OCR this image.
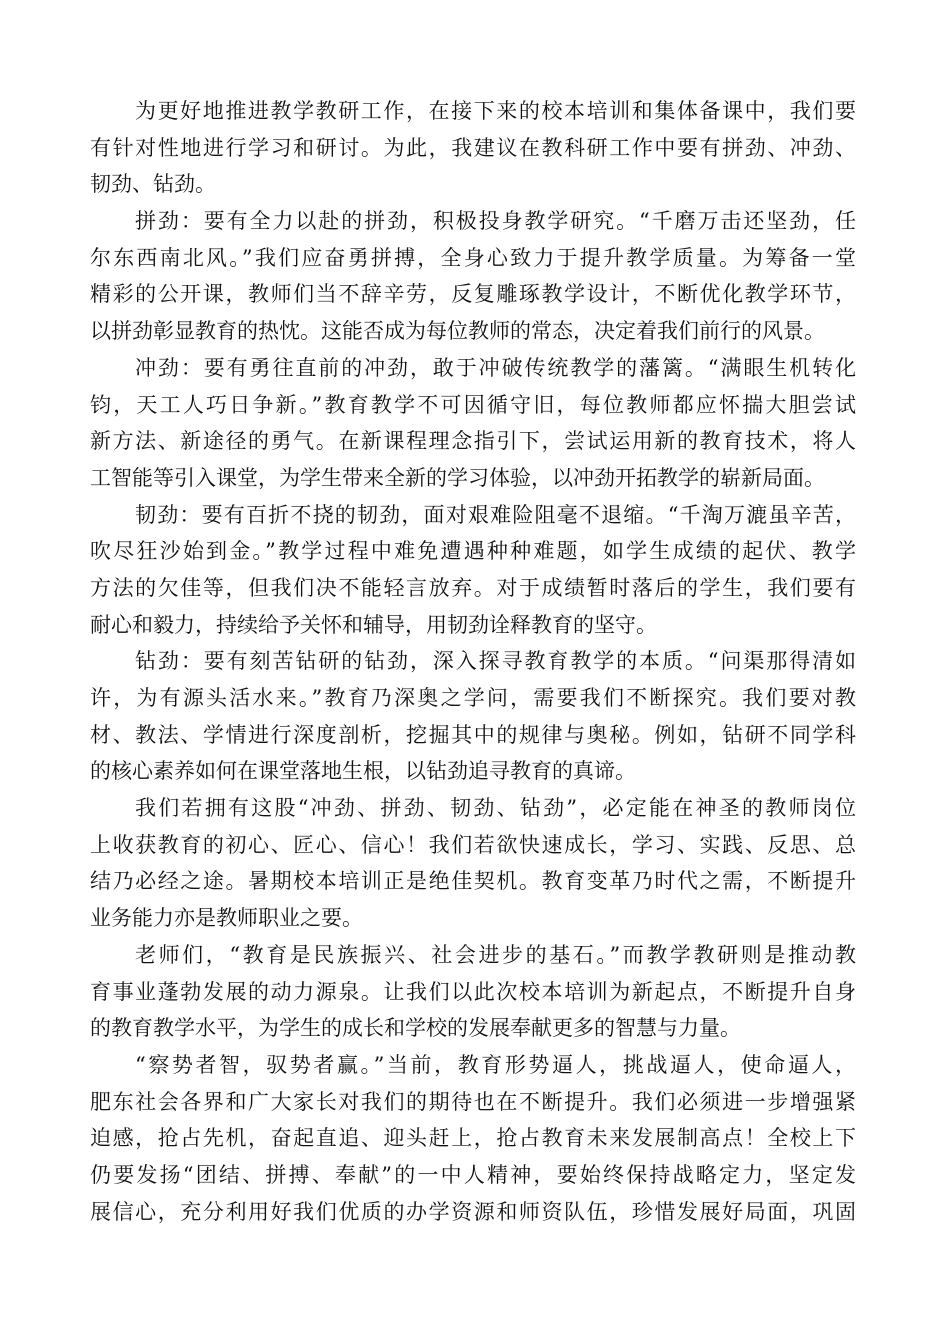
为更好地推进教学教研工作，在接下来的校本培训和集体备课中，我们要
有针对性地进行学习和研讨。为此，我建议在教科研工作中要有拼劲、冲劲、
韧劲、钻劲。
拼劲：要有全力以赴的拼劲，积极投身教学研究。“千磨万击还坚劲，任
尔东西南北风。”我们应奋勇拼搏，全身心致力于提升教学质量。为筹备一堂
精彩的公开课，教师们当不辞辛劳，反复雕琢教学设计，不断优化教学环节，
以拼劲彰显教育的热忱。这能否成为每位教师的常态，决定着我们前行的风景。
冲劲：要有勇往直前的冲劲，敢于冲破传统教学的藩篱。“满眼生机转化
钧，天工人巧日争新。”教育教学不可因循守旧，每位教师都应怀揣大胆尝试
新方法、新途径的勇气。在新课程理念指引下，尝试运用新的教育技术，将人
工智能等引入课堂，为学生带来全新的学习体验，以冲劲开拓教学的崭新局面。
韧劲：要有百折不挠的韧劲，面对艰难险阻毫不退缩。“千淘万漉虽辛苦，
吹尽狂沙始到金。”教学过程中难免遭遇种种难题，如学生成绩的起伏、教学
方法的欠佳等，但我们决不能轻言放弃。对于成绩暂时落后的学生，我们要有
耐心和毅力，持续给予关怀和辅导，用韧劲诠释教育的坚守。
钻劲：要有刻苦钻研的钻劲，深入探寻教育教学的本质。“问渠那得清如
许，为有源头活水来。”教育乃深奥之学问，需要我们不断探究。我们要对教
材、教法、学情进行深度剖析，挖掘其中的规律与奥秘。例如，钻研不同学科
的核心素养如何在课堂落地生根，以钻劲追寻教育的真谛。
我们若拥有这股“冲劲、拼劲、韧劲、钻劲”，必定能在神圣的教师岗位
上收获教育的初心、匠心、信心！我们若欲快速成长，学习、实践、反思、总
结乃必经之途。暑期校本培训正是绝佳契机。教育变革乃时代之需，不断提升
业务能力亦是教师职业之要。
老师们，“教育是民族振兴、社会进步的基石。”而教学教研则是推动教
育事业蓬勃发展的动力源泉。让我们以此次校本培训为新起点，不断提升自身
的教育教学水平，为学生的成长和学校的发展奉献更多的智慧与力量。
“察势者智，驭势者赢。”当前，教育形势逼人，挑战逼人，使命逼人，
肥东社会各界和广大家长对我们的期待也在不断提升。我们必须进一步增强紧
迫感，抢占先机，奋起直追、迎头赶上，抢占教育未来发展制高点！全校上下
仍要发扬“团结、拼搏、奉献”的一中人精神，要始终保持战略定力，坚定发
展信心，充分利用好我们优质的办学资源和师资队伍，珍惜发展好局面，巩固
